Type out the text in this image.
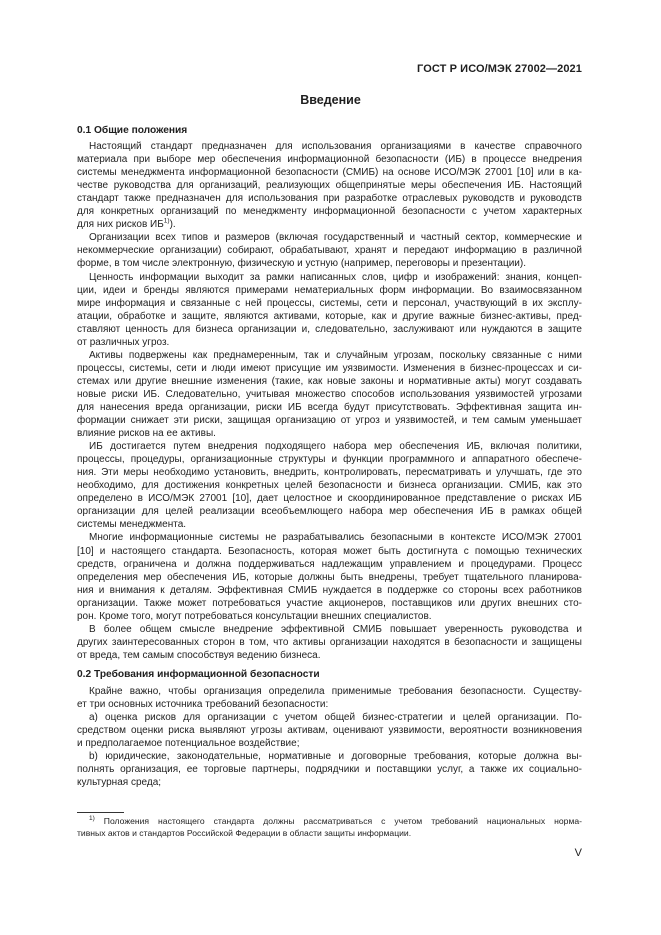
ГОСТ Р ИСО/МЭК 27002—2021
Введение
0.1 Общие положения
Настоящий стандарт предназначен для использования организациями в качестве справочного
материала при выборе мер обеспечения информационной безопасности (ИБ) в процессе внедрения
системы менеджмента информационной безопасности (СМИБ) на основе ИСО/МЭК 27001 [10] или в ка-
честве руководства для организаций, реализующих общепринятые меры обеспечения ИБ. Настоящий
стандарт также предназначен для использования при разработке отраслевых руководств и руководств
для конкретных организаций по менеджменту информационной безопасности с учетом характерных
для них рисков ИБ$^{1)}$).
Организации всех типов и размеров (включая государственный и частный сектор, коммерческие и
некоммерческие организации) собирают, обрабатывают, хранят и передают информацию в различной
форме, в том числе электронную, физическую и устную (например, переговоры и презентации).
Ценность информации выходит за рамки написанных слов, цифр и изображений: знания, концеп-
ции, идеи и бренды являются примерами нематериальных форм информации. Во взаимосвязанном
мире информация и связанные с ней процессы, системы, сети и персонал, участвующий в их эксплу-
атации, обработке и защите, являются активами, которые, как и другие важные бизнес-активы, пред-
ставляют ценность для бизнеса организации и, следовательно, заслуживают или нуждаются в защите
от различных угроз.
Активы подвержены как преднамеренным, так и случайным угрозам, поскольку связанные с ними
процессы, системы, сети и люди имеют присущие им уязвимости. Изменения в бизнес-процессах и си-
стемах или другие внешние изменения (такие, как новые законы и нормативные акты) могут создавать
новые риски ИБ. Следовательно, учитывая множество способов использования уязвимостей угрозами
для нанесения вреда организации, риски ИБ всегда будут присутствовать. Эффективная защита ин-
формации снижает эти риски, защищая организацию от угроз и уязвимостей, и тем самым уменьшает
влияние рисков на ее активы.
ИБ достигается путем внедрения подходящего набора мер обеспечения ИБ, включая политики,
процессы, процедуры, организационные структуры и функции программного и аппаратного обеспече-
ния. Эти меры необходимо установить, внедрить, контролировать, пересматривать и улучшать, где это
необходимо, для достижения конкретных целей безопасности и бизнеса организации. СМИБ, как это
определено в ИСО/МЭК 27001 [10], дает целостное и скоординированное представление о рисках ИБ
организации для целей реализации всеобъемлющего набора мер обеспечения ИБ в рамках общей
системы менеджмента.
Многие информационные системы не разрабатывались безопасными в контексте ИСО/МЭК 27001
[10] и настоящего стандарта. Безопасность, которая может быть достигнута с помощью технических
средств, ограничена и должна поддерживаться надлежащим управлением и процедурами. Процесс
определения мер обеспечения ИБ, которые должны быть внедрены, требует тщательного планирова-
ния и внимания к деталям. Эффективная СМИБ нуждается в поддержке со стороны всех работников
организации. Также может потребоваться участие акционеров, поставщиков или других внешних сто-
рон. Кроме того, могут потребоваться консультации внешних специалистов.
В более общем смысле внедрение эффективной СМИБ повышает уверенность руководства и
других заинтересованных сторон в том, что активы организации находятся в безопасности и защищены
от вреда, тем самым способствуя ведению бизнеса.
0.2 Требования информационной безопасности
Крайне важно, чтобы организация определила применимые требования безопасности. Существу-
ет три основных источника требований безопасности:
а) оценка рисков для организации с учетом общей бизнес-стратегии и целей организации. По-
средством оценки риска выявляют угрозы активам, оценивают уязвимости, вероятности возникновения
и предполагаемое потенциальное воздействие;
b) юридические, законодательные, нормативные и договорные требования, которые должна вы-
полнять организация, ее торговые партнеры, подрядчики и поставщики услуг, а также их социально-
культурная среда;
$^{1)}$ Положения настоящего стандарта должны рассматриваться с учетом требований национальных норма-
тивных актов и стандартов Российской Федерации в области защиты информации.
V
